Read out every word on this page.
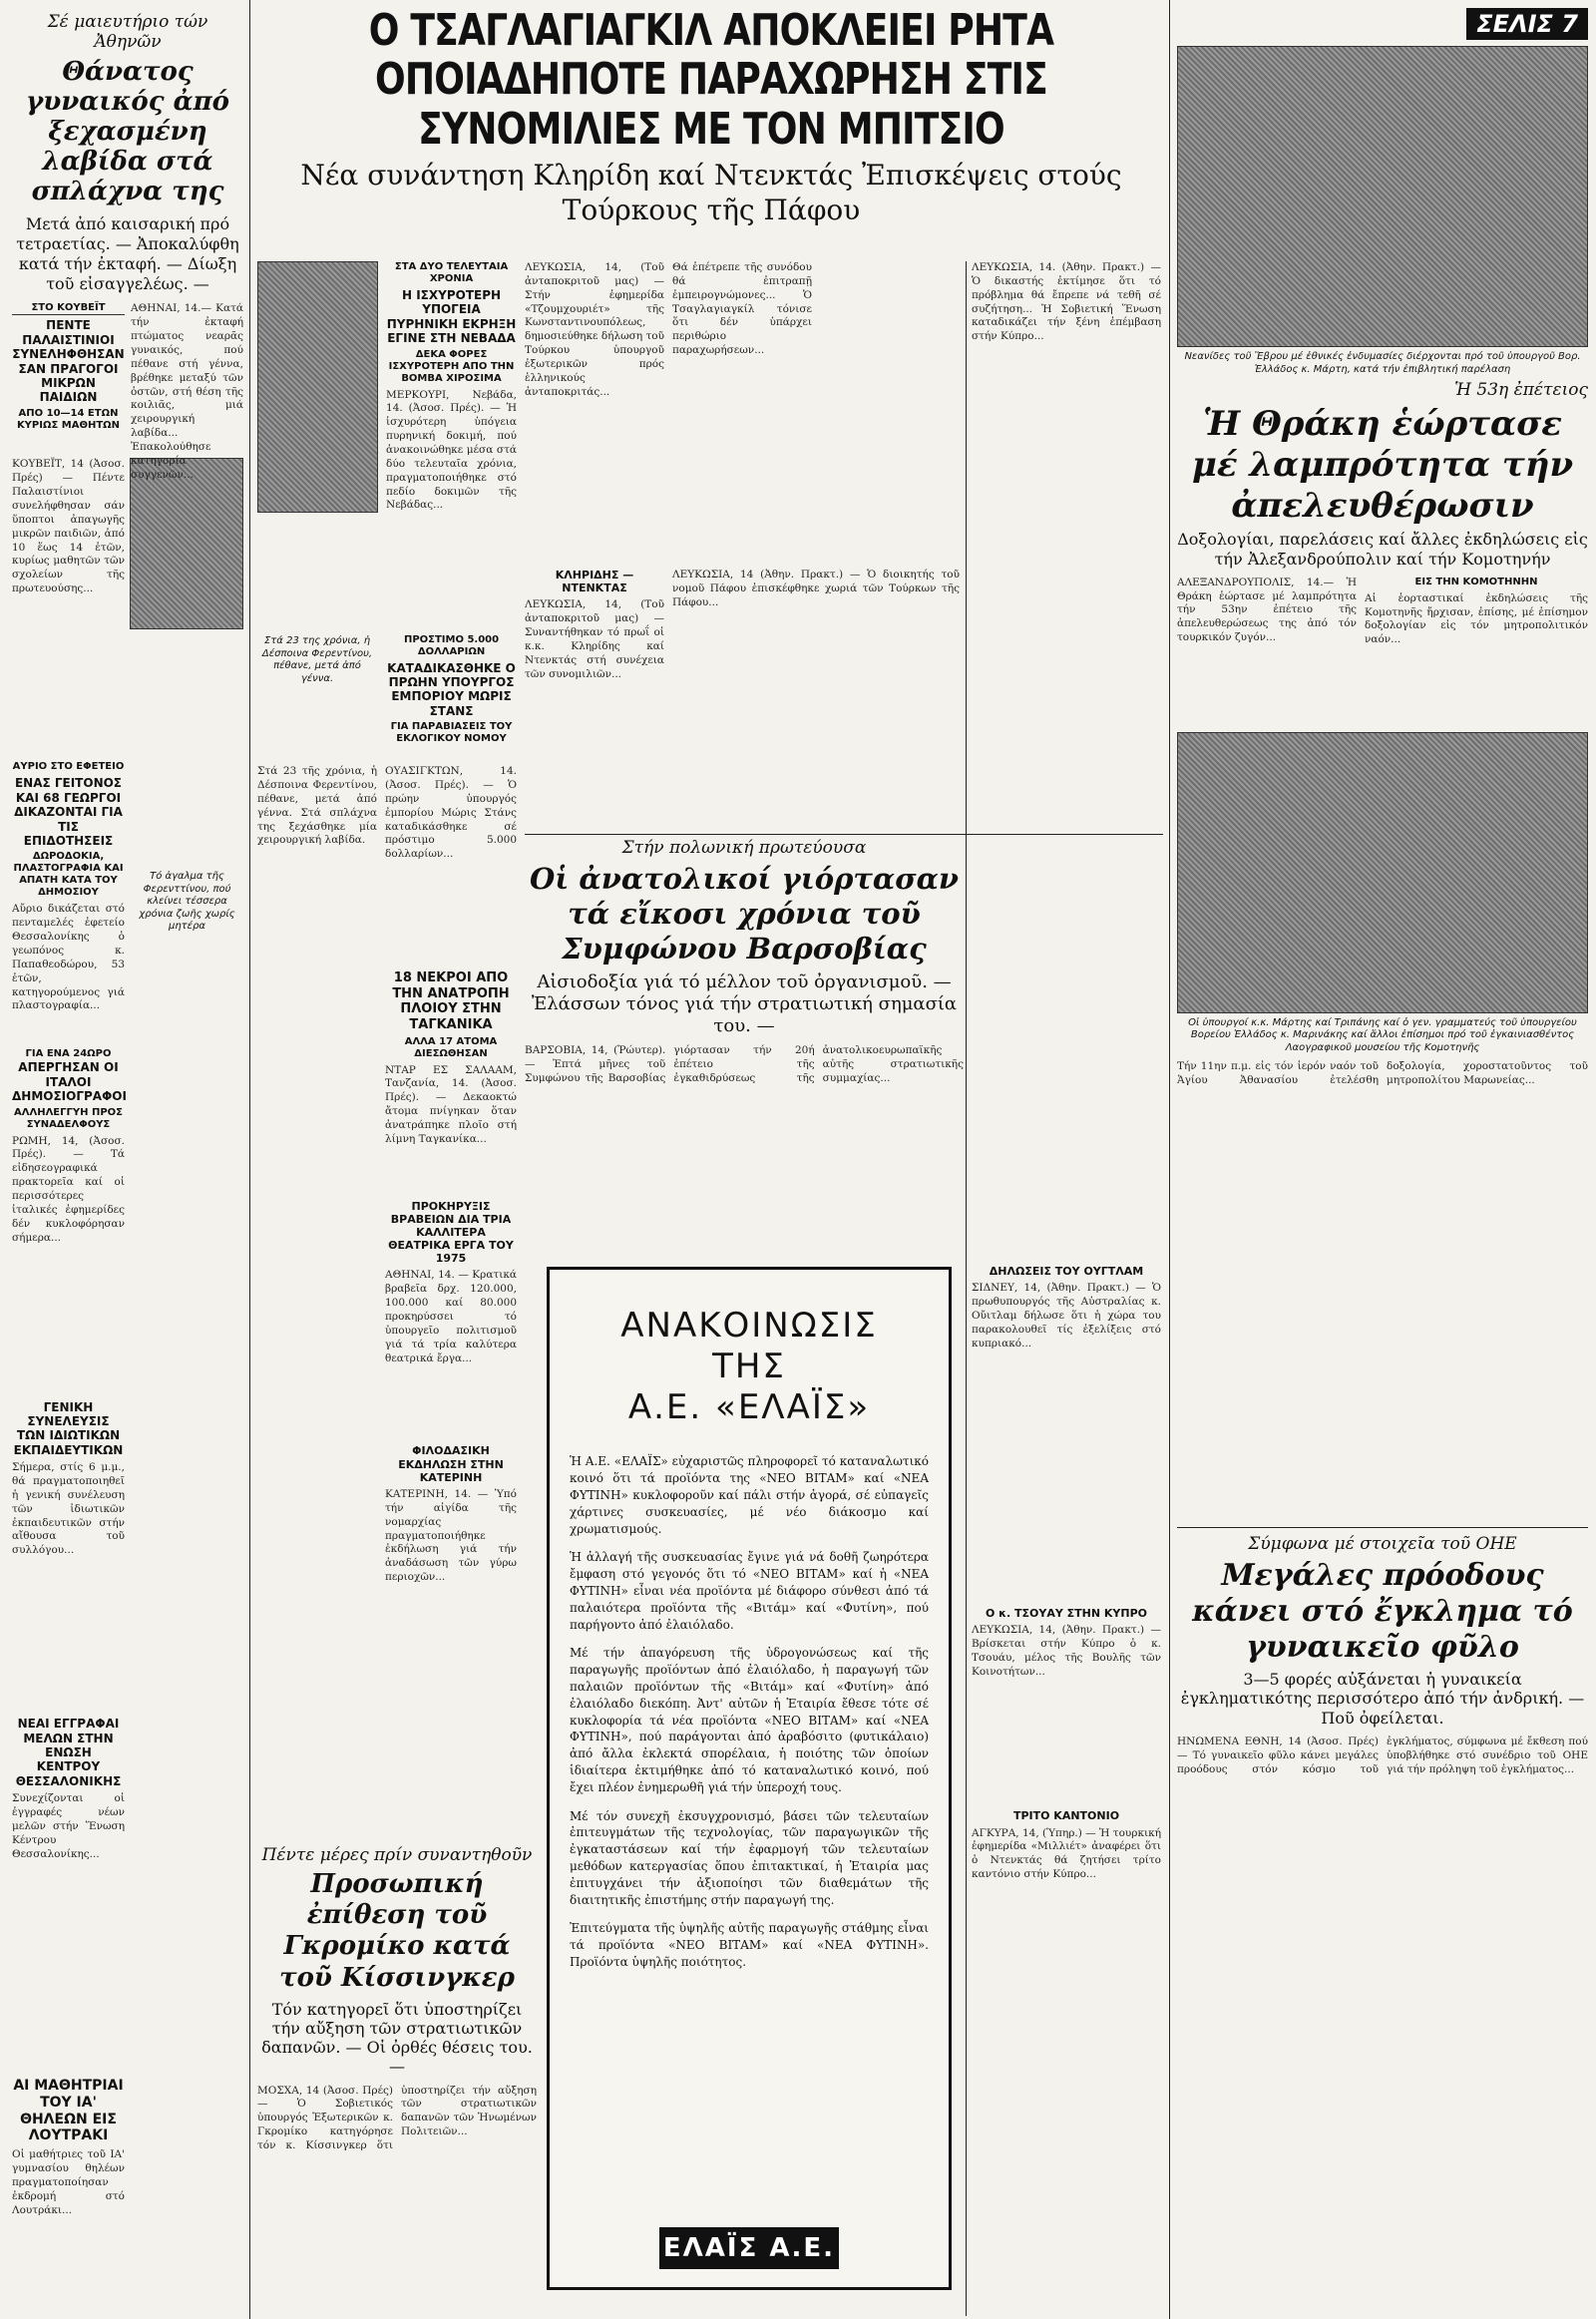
Σέ μαιευτήριο τών Ἀθηνῶν
Θάνατος γυναικός ἀπό ξεχασμένη λαβίδα στά σπλάχνα της
Μετά ἀπό καισαρική πρό τετραετίας. — Ἀποκαλύφθη κατά τήν ἐκταφή. — Δίωξη τοῦ εἰσαγγελέως. —
ΣΤΟ ΚΟΥΒΕΪΤ
ΠΕΝΤΕ ΠΑΛΑΙΣΤΙΝΙΟΙ ΣΥΝΕΛΗΦΘΗΣΑΝ ΣΑΝ ΠΡΑΓΟΓΟΙ ΜΙΚΡΩΝ ΠΑΙΔΙΩΝ
ΑΠΟ 10—14 ΕΤΩΝ ΚΥΡΙΩΣ ΜΑΘΗΤΩΝ
ΑΘΗΝΑΙ, 14.— Κατά τήν ἐκταφή πτώματος νεαρᾶς γυναικός, πού πέθανε στή γέννα, βρέθηκε μεταξύ τῶν ὀστῶν, στή θέση τῆς κοιλιᾶς, μιά χειρουργική λαβίδα... Ἐπακολούθησε κατηγορία συγγενῶν...
ΚΟΥΒΕΪΤ, 14 (Ἀσοσ. Πρές) — Πέντε Παλαιστίνιοι συνελήφθησαν σάν ὕποπτοι ἀπαγωγῆς μικρῶν παιδιῶν, ἀπό 10 ἕως 14 ἐτῶν, κυρίως μαθητῶν τῶν σχολείων τῆς πρωτευούσης...
ΑΥΡΙΟ ΣΤΟ ΕΦΕΤΕΙΟ
ΕΝΑΣ ΓΕΙΤΟΝΟΣ ΚΑΙ 68 ΓΕΩΡΓΟΙ ΔΙΚΑΖΟΝΤΑΙ ΓΙΑ ΤΙΣ ΕΠΙΔΟΤΗΣΕΙΣ
ΔΩΡΟΔΟΚΙΑ, ΠΛΑΣΤΟΓΡΑΦΙΑ ΚΑΙ ΑΠΑΤΗ ΚΑΤΑ ΤΟΥ ΔΗΜΟΣΙΟΥ
Αὔριο δικάζεται στό πενταμελές ἐφετείο Θεσσαλονίκης ὁ γεωπόνος κ. Παπαθεοδώρου, 53 ἐτῶν, κατηγορούμενος γιά πλαστογραφία...
ΓΙΑ ΕΝΑ 24ΩΡΟ
ΑΠΕΡΓΗΣΑΝ ΟΙ ΙΤΑΛΟΙ ΔΗΜΟΣΙΟΓΡΑΦΟΙ
ΑΛΛΗΛΕΓΓΥΗ ΠΡΟΣ ΣΥΝΑΔΕΛΦΟΥΣ
ΡΩΜΗ, 14, (Ἀσοσ. Πρές). — Τά εἰδησεογραφικά πρακτορεῖα καί οἱ περισσότερες ἰταλικές ἐφημερίδες δέν κυκλοφόρησαν σήμερα...
ΓΕΝΙΚΗ ΣΥΝΕΛΕΥΣΙΣ ΤΩΝ ΙΔΙΩΤΙΚΩΝ ΕΚΠΑΙΔΕΥΤΙΚΩΝ
Σήμερα, στίς 6 μ.μ., θά πραγματοποιηθεῖ ἡ γενική συνέλευση τῶν ἰδιωτικῶν ἐκπαιδευτικῶν στήν αἴθουσα τοῦ συλλόγου...
ΝΕΑΙ ΕΓΓΡΑΦΑΙ ΜΕΛΩΝ ΣΤΗΝ ΕΝΩΣΗ ΚΕΝΤΡΟΥ ΘΕΣΣΑΛΟΝΙΚΗΣ
Συνεχίζονται οἱ ἐγγραφές νέων μελῶν στήν Ἕνωση Κέντρου Θεσσαλονίκης...
ΑΙ ΜΑΘΗΤΡΙΑΙ ΤΟΥ ΙΑ' ΘΗΛΕΩΝ ΕΙΣ ΛΟΥΤΡΑΚΙ
Οἱ μαθήτριες τοῦ ΙΑ' γυμνασίου θηλέων πραγματοποίησαν ἐκδρομή στό Λουτράκι...
Τό ἀγαλμα τῆς Φερενττίνου, πού κλείνει τέσσερα χρόνια ζωῆς χωρίς μητέρα
Ο ΤΣΑΓΛΑΓΙΑΓΚΙΛ ΑΠΟΚΛΕΙΕΙ ΡΗΤΑ ΟΠΟΙΑΔΗΠΟΤΕ ΠΑΡΑΧΩΡΗΣΗ ΣΤΙΣ ΣΥΝΟΜΙΛΙΕΣ ΜΕ ΤΟΝ ΜΠΙΤΣΙΟ
Νέα συνάντηση Κληρίδη καί Ντενκτάς Ἐπισκέψεις στούς Τούρκους τῆς Πάφου
ΣΤΑ ΔΥΟ ΤΕΛΕΥΤΑΙΑ ΧΡΟΝΙΑ
Η ΙΣΧΥΡΟΤΕΡΗ ΥΠΟΓΕΙΑ ΠΥΡΗΝΙΚΗ ΕΚΡΗΞΗ ΕΓΙΝΕ ΣΤΗ ΝΕΒΑΔΑ
ΔΕΚΑ ΦΟΡΕΣ ΙΣΧΥΡΟΤΕΡΗ ΑΠΟ ΤΗΝ ΒΟΜΒΑ ΧΙΡΟΣΙΜΑ
ΜΕΡΚΟΥΡΙ, Νεβάδα, 14. (Ἀσοσ. Πρές). — Ἡ ἰσχυρότερη ὑπόγεια πυρηνική δοκιμή, πού ἀνακοινώθηκε μέσα στά δύο τελευταῖα χρόνια, πραγματοποιήθηκε στό πεδίο δοκιμῶν τῆς Νεβάδας...
ΠΡΟΣΤΙΜΟ 5.000 ΔΟΛΛΑΡΙΩΝ
ΚΑΤΑΔΙΚΑΣΘΗΚΕ Ο ΠΡΩΗΝ ΥΠΟΥΡΓΟΣ ΕΜΠΟΡΙΟΥ ΜΩΡΙΣ ΣΤΑΝΣ
ΓΙΑ ΠΑΡΑΒΙΑΣΕΙΣ ΤΟΥ ΕΚΛΟΓΙΚΟΥ ΝΟΜΟΥ
Στά 23 της χρόνια, ἡ Δέσποινα Φερεντίνου, πέθανε, μετά ἀπό γέννα.
Στά 23 τῆς χρόνια, ἡ Δέσποινα Φερεντίνου, πέθανε, μετά ἀπό γέννα. Στά σπλάχνα της ξεχάσθηκε μία χειρουργική λαβίδα.
ΟΥΑΣΙΓΚΤΩΝ, 14. (Ἀσοσ. Πρές). — Ὁ πρώην ὑπουργός ἐμπορίου Μώρις Στάνς καταδικάσθηκε σέ πρόστιμο 5.000 δολλαρίων...
18 ΝΕΚΡΟΙ ΑΠΟ ΤΗΝ ΑΝΑΤΡΟΠΗ ΠΛΟΙΟΥ ΣΤΗΝ ΤΑΓΚΑΝΙΚΑ
ΑΛΛΑ 17 ΑΤΟΜΑ ΔΙΕΣΩΘΗΣΑΝ
ΝΤΑΡ ΕΣ ΣΑΛΑΑΜ, Τανζανία, 14. (Ἀσοσ. Πρές). — Δεκαοκτώ ἄτομα πνίγηκαν ὅταν ἀνατράπηκε πλοῖο στή λίμνη Ταγκανίκα...
ΠΡΟΚΗΡΥΞΙΣ ΒΡΑΒΕΙΩΝ ΔΙΑ ΤΡΙΑ ΚΑΛΛΙΤΕΡΑ ΘΕΑΤΡΙΚΑ ΕΡΓΑ ΤΟΥ 1975
ΑΘΗΝΑΙ, 14. — Κρατικά βραβεῖα δρχ. 120.000, 100.000 καί 80.000 προκηρύσσει τό ὑπουργεῖο πολιτισμοῦ γιά τά τρία καλύτερα θεατρικά ἔργα...
ΦΙΛΟΔΑΣΙΚΗ ΕΚΔΗΛΩΣΗ ΣΤΗΝ ΚΑΤΕΡΙΝΗ
ΚΑΤΕΡΙΝΗ, 14. — Ὑπό τήν αἰγίδα τῆς νομαρχίας πραγματοποιήθηκε ἐκδήλωση γιά τήν ἀναδάσωση τῶν γύρω περιοχῶν...
ΛΕΥΚΩΣΙΑ, 14, (Τοῦ ἀνταποκριτοῦ μας) — Στήν ἐφημερίδα «Τζουμχουριέτ» τῆς Κωνσταντινουπόλεως, δημοσιεύθηκε δήλωση τοῦ Τούρκου ὑπουργοῦ ἐξωτερικῶν πρός ἑλληνικούς ἀνταποκριτάς...
Θά ἐπέτρεπε τῆς συνόδου θά ἐπιτραπῇ ἐμπειρογνώμονες... Ὁ Τσαγλαγιαγκίλ τόνισε ὅτι δέν ὑπάρχει περιθώριο παραχωρήσεων...
ΚΛΗΡΙΔΗΣ — ΝΤΕΝΚΤΑΣ
ΛΕΥΚΩΣΙΑ, 14, (Τοῦ ἀνταποκριτοῦ μας) — Συναντήθηκαν τό πρωΐ οἱ κ.κ. Κληρίδης καί Ντενκτάς στή συνέχεια τῶν συνομιλιῶν...
ΛΕΥΚΩΣΙΑ, 14 (Ἀθην. Πρακτ.) — Ὁ διοικητής τοῦ νομοῦ Πάφου ἐπισκέφθηκε χωριά τῶν Τούρκων τῆς Πάφου...
Στήν πολωνική πρωτεύουσα
Οἱ ἀνατολικοί γιόρτασαν τά εἴκοσι χρόνια τοῦ Συμφώνου Βαρσοβίας
Αἰσιοδοξία γιά τό μέλλον τοῦ ὀργανισμοῦ. — Ἐλάσσων τόνος γιά τήν στρατιωτική σημασία του. —
ΒΑΡΣΟΒΙΑ, 14, (Ῥώυτερ). — Ἐπτά μῆνες τοῦ Συμφώνου τῆς Βαρσοβίας γιόρτασαν τήν 20ή ἐπέτειο τῆς ἐγκαθιδρύσεως τῆς ἀνατολικοευρωπαϊκῆς αὐτῆς στρατιωτικῆς συμμαχίας...
ΑΝΑΚΟΙΝΩΣΙΣ
ΤΗΣ
Α.Ε. «ΕΛΑΪΣ»
Ἡ Α.Ε. «ΕΛΑΪΣ» εὐχαριστῶς πληροφορεῖ τό καταναλωτικό κοινό ὅτι τά προϊόντα της «ΝΕΟ ΒΙΤΑΜ» καί «ΝΕΑ ΦΥΤΙΝΗ» κυκλοφοροῦν καί πάλι στήν ἀγορά, σέ εὐπαγεῖς χάρτινες συσκευασίες, μέ νέο διάκοσμο καί χρωματισμούς.
Ἡ ἀλλαγή τῆς συσκευασίας ἔγινε γιά νά δοθῆ ζωηρότερα ἔμφαση στό γεγονός ὅτι τό «ΝΕΟ ΒΙΤΑΜ» καί ἡ «ΝΕΑ ΦΥΤΙΝΗ» εἶναι νέα προϊόντα μέ διάφορο σύνθεσι ἀπό τά παλαιότερα προϊόντα τῆς «Βιτάμ» καί «Φυτίνη», πού παρήγοντο ἀπό ἐλαιόλαδο.
Μέ τήν ἀπαγόρευση τῆς ὑδρογονώσεως καί τῆς παραγωγῆς προϊόντων ἀπό ἐλαιόλαδο, ἡ παραγωγή τῶν παλαιῶν προϊόντων τῆς «Βιτάμ» καί «Φυτίνη» ἀπό ἐλαιόλαδο διεκόπη. Ἀντ' αὐτῶν ἡ Ἑταιρία ἔθεσε τότε σέ κυκλοφορία τά νέα προϊόντα «ΝΕΟ ΒΙΤΑΜ» καί «ΝΕΑ ΦΥΤΙΝΗ», πού παράγονται ἀπό ἀραβόσιτο (φυτικάλαιο) ἀπό ἄλλα ἐκλεκτά σπορέλαια, ἡ ποιότης τῶν ὁποίων ἱδιαίτερα ἐκτιμήθηκε ἀπό τό καταναλωτικό κοινό, πού ἔχει πλέον ἐνημερωθῆ γιά τήν ὑπεροχή τους.
Μέ τόν συνεχῆ ἐκσυγχρονισμό, βάσει τῶν τελευταίων ἐπιτευγμάτων τῆς τεχνολογίας, τῶν παραγωγικῶν τῆς ἐγκαταστάσεων καί τήν ἐφαρμογή τῶν τελευταίων μεθόδων κατεργασίας ὅπου ἐπιτακτικαί, ἡ Ἑταιρία μας ἐπιτυγχάνει τήν ἀξιοποίησι τῶν διαθεμάτων τῆς διαιτητικῆς ἐπιστήμης στήν παραγωγή της.
Ἐπιτεύγματα τῆς ὑψηλῆς αὐτῆς παραγωγῆς στάθμης εἶναι τά προϊόντα «ΝΕΟ ΒΙΤΑΜ» καί «ΝΕΑ ΦΥΤΙΝΗ». Προϊόντα ὑψηλῆς ποιότητος.
ΕΛΑΪΣ Α.Ε.
Πέντε μέρες πρίν συναντηθοῦν
Προσωπική ἐπίθεση τοῦ Γκρομίκο κατά τοῦ Κίσσινγκερ
Τόν κατηγορεῖ ὅτι ὑποστηρίζει τήν αὔξηση τῶν στρατιωτικῶν δαπανῶν. — Οἱ ὀρθές θέσεις του. —
ΜΟΣΧΑ, 14 (Ἀσοσ. Πρές) — Ὁ Σοβιετικός ὑπουργός Ἐξωτερικῶν κ. Γκρομίκο κατηγόρησε τόν κ. Κίσσινγκερ ὅτι ὑποστηρίζει τήν αὔξηση τῶν στρατιωτικῶν δαπανῶν τῶν Ἡνωμένων Πολιτειῶν...
ΛΕΥΚΩΣΙΑ, 14. (Ἀθην. Πρακτ.) — Ὁ δικαστής ἐκτίμησε ὅτι τό πρόβλημα θά ἔπρεπε νά τεθῆ σέ συζήτηση... Ἡ Σοβιετική Ἕνωση καταδικάζει τήν ξένη ἐπέμβαση στήν Κύπρο...
ΔΗΛΩΣΕΙΣ ΤΟΥ ΟΥΓΤΛΑΜ
ΣΙΔΝΕΥ, 14, (Ἀθην. Πρακτ.) — Ὁ πρωθυπουργός τῆς Αὐστραλίας κ. Οὔιτλαμ δήλωσε ὅτι ἡ χώρα του παρακολουθεῖ τίς ἐξελίξεις στό κυπριακό...
Ο κ. ΤΣΟΥΑΥ ΣΤΗΝ ΚΥΠΡΟ
ΛΕΥΚΩΣΙΑ, 14, (Ἀθην. Πρακτ.) — Βρίσκεται στήν Κύπρο ὁ κ. Τσουάυ, μέλος τῆς Βουλῆς τῶν Κοινοτήτων...
ΤΡΙΤΟ ΚΑΝΤΟΝΙΟ
ΑΓΚΥΡΑ, 14, (Ὑπηρ.) — Ἡ τουρκική ἐφημερίδα «Μιλλιέτ» ἀναφέρει ὅτι ὁ Ντενκτάς θά ζητήσει τρίτο καντόνιο στήν Κύπρο...
ΣΕΛΙΣ 7
Νεανίδες τοῦ Ἔβρου μέ ἐθνικές ἐνδυμασίες διέρχονται πρό τοῦ ὑπουργοῦ Βορ. Ἑλλάδος κ. Μάρτη, κατά τήν ἐπιβλητική παρέλαση
Ἡ 53η ἐπέτειος
Ἡ Θράκη ἑώρτασε μέ λαμπρότητα τήν ἀπελευθέρωσιν
Δοξολογίαι, παρελάσεις καί ἄλλες ἐκδηλώσεις εἰς τήν Ἀλεξανδρούπολιν καί τήν Κομοτηνήν
ΑΛΕΞΑΝΔΡΟΥΠΟΛΙΣ, 14.— Ἡ Θράκη ἑώρτασε μέ λαμπρότητα τήν 53ην ἐπέτειο τῆς ἀπελευθερώσεως της ἀπό τόν τουρκικόν ζυγόν...
ΕΙΣ ΤΗΝ ΚΟΜΟΤΗΝΗΝ
Αἱ ἑορταστικαί ἐκδηλώσεις τῆς Κομοτηνῆς ἤρχισαν, ἐπίσης, μέ ἐπίσημον δοξολογίαν εἰς τόν μητροπολιτικόν ναόν...
Οἱ ὑπουργοί κ.κ. Μάρτης καί Τριπάνης καί ὁ γεν. γραμματεύς τοῦ ὑπουργείου Βορείου Ἑλλάδος κ. Μαρινάκης καί ἄλλοι ἐπίσημοι πρό τοῦ ἐγκαινιασθέντος Λαογραφικοῦ μουσείου τῆς Κομοτηνῆς
Τήν 11ην π.μ. εἰς τόν ἱερόν ναόν τοῦ Ἁγίου Ἀθανασίου ἐτελέσθη δοξολογία, χοροστατοῦντος τοῦ μητροπολίτου Μαρωνείας...
Σύμφωνα μέ στοιχεῖα τοῦ ΟΗΕ
Μεγάλες πρόοδους κάνει στό ἔγκλημα τό γυναικεῖο φῦλο
3—5 φορές αὐξάνεται ἡ γυναικεία ἐγκληματικότης περισσότερο ἀπό τήν ἀνδρική. — Ποῦ ὀφείλεται.
ΗΝΩΜΕΝΑ ΕΘΝΗ, 14 (Ἀσοσ. Πρές) — Τό γυναικεῖο φῦλο κάνει μεγάλες προόδους στόν κόσμο τοῦ ἐγκλήματος, σύμφωνα μέ ἔκθεση πού ὑποβλήθηκε στό συνέδριο τοῦ ΟΗΕ γιά τήν πρόληψη τοῦ ἐγκλήματος...
